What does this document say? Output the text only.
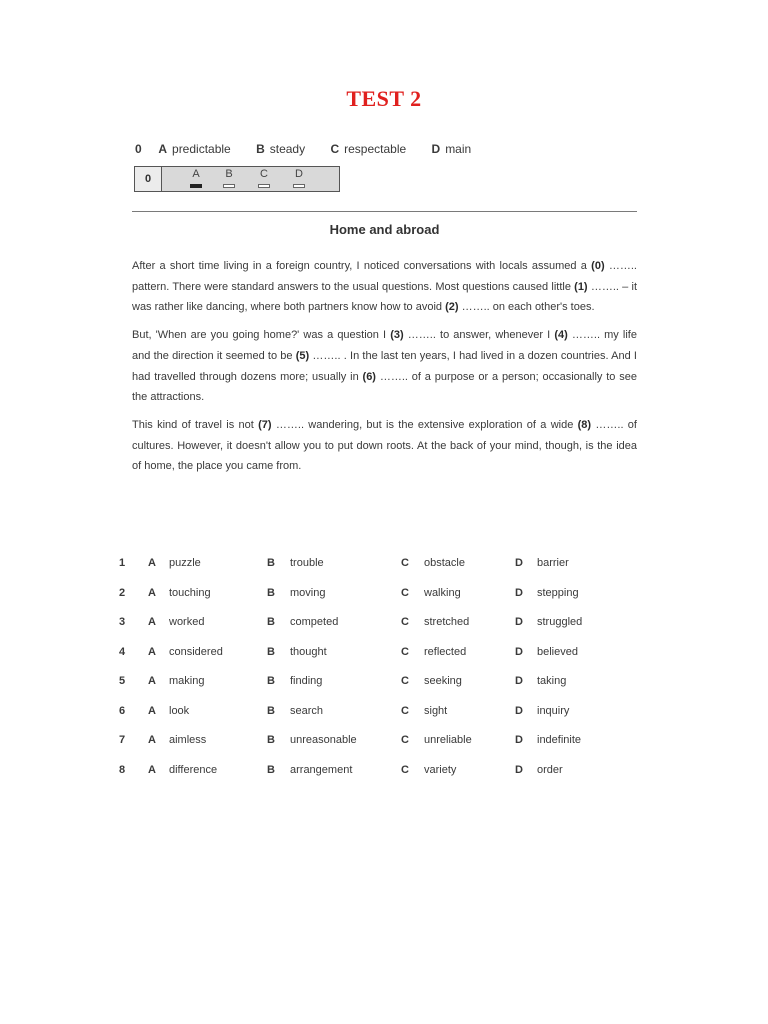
TEST 2
0 A predictable B steady C respectable D main
0	A	B	C	D
Home and abroad

After a short time living in a foreign country, I noticed conversations with locals assumed a (0) …….. pattern. There were standard answers to the usual questions. Most questions caused little (1) …….. – it was rather like dancing, where both partners know how to avoid (2) …….. on each other's toes.

But, 'When are you going home?' was a question I (3) …….. to answer, whenever I (4) …….. my life and the direction it seemed to be (5) …….. . In the last ten years, I had lived in a dozen countries. And I had travelled through dozens more; usually in (6) …….. of a purpose or a person; occasionally to see the attractions.

This kind of travel is not (7) …….. wandering, but is the extensive exploration of a wide (8) …….. of cultures. However, it doesn't allow you to put down roots. At the back of your mind, though, is the idea of home, the place you came from.

1 A puzzle	B trouble	C obstacle	D barrier
2 A touching	B moving	C walking	D stepping
3 A worked	B competed	C stretched	D struggled
4 A considered	B thought	C reflected	D believed
5 A making	B finding	C seeking	D taking
6 A look	B search	C sight	D inquiry
7 A aimless	B unreasonable	C unreliable	D indefinite
8 A difference	B arrangement	C variety	D order
